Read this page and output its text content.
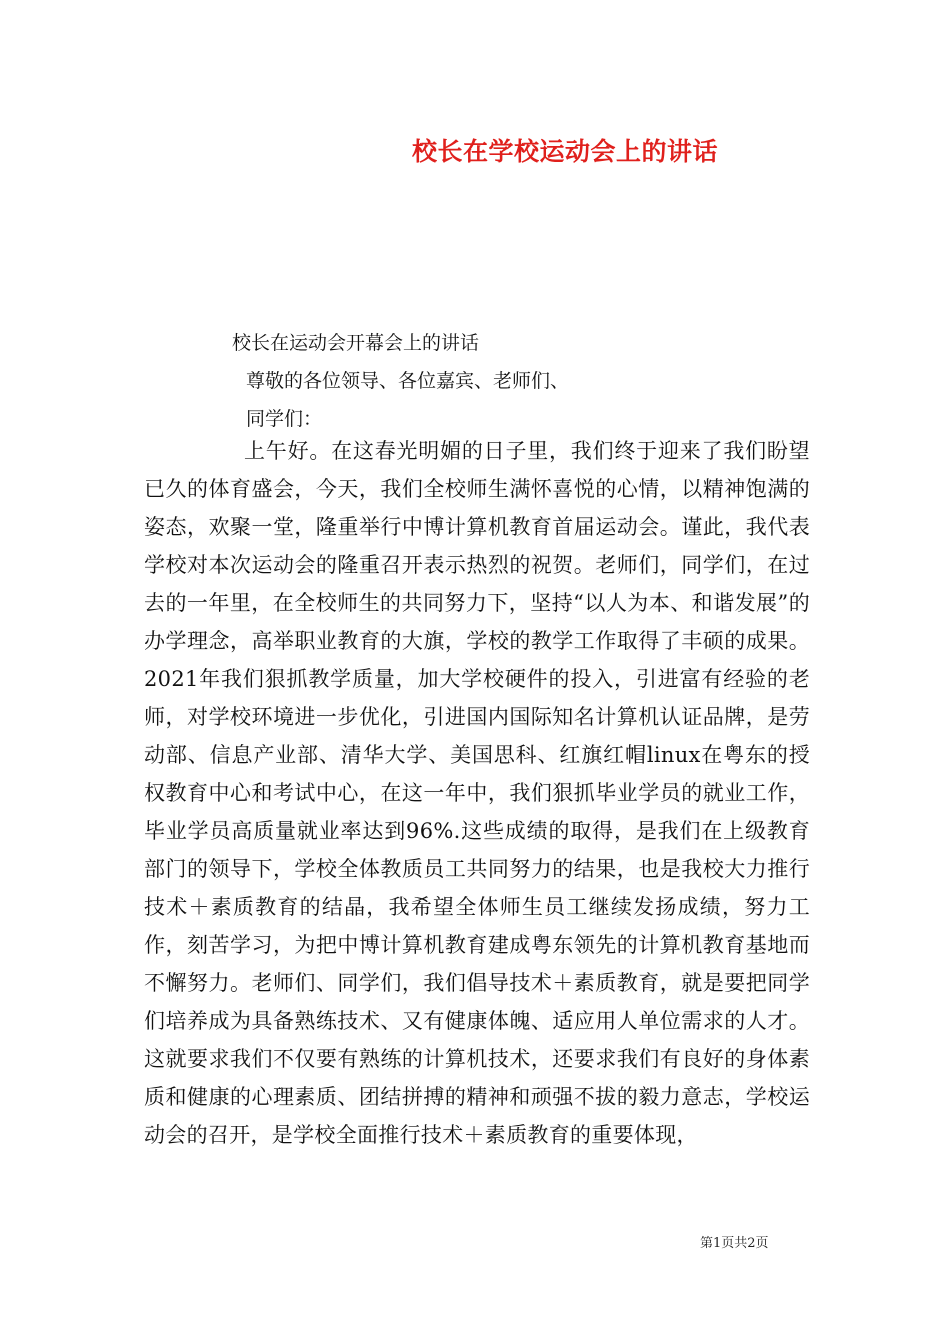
校长在学校运动会上的讲话
校长在运动会开幕会上的讲话
尊敬的各位领导、各位嘉宾、老师们、
同学们：

上午好。在这春光明媚的日子里，我们终于迎来了我们盼望已久的体育盛会，今天，我们全校师生满怀喜悦的心情，以精神饱满的姿态，欢聚一堂，隆重举行中博计算机教育首届运动会。谨此，我代表学校对本次运动会的隆重召开表示热烈的祝贺。老师们，同学们，在过去的一年里，在全校师生的共同努力下，坚持“以人为本、和谐发展”的办学理念，高举职业教育的大旗，学校的教学工作取得了丰硕的成果。2021年我们狠抓教学质量，加大学校硬件的投入，引进富有经验的老师，对学校环境进一步优化，引进国内国际知名计算机认证品牌，是劳动部、信息产业部、清华大学、美国思科、红旗红帽linux在粤东的授权教育中心和考试中心，在这一年中，我们狠抓毕业学员的就业工作，毕业学员高质量就业率达到96%.这些成绩的取得，是我们在上级教育部门的领导下，学校全体教质员工共同努力的结果，也是我校大力推行技术＋素质教育的结晶，我希望全体师生员工继续发扬成绩，努力工作，刻苦学习，为把中博计算机教育建成粤东领先的计算机教育基地而不懈努力。老师们、同学们，我们倡导技术＋素质教育，就是要把同学们培养成为具备熟练技术、又有健康体魄、适应用人单位需求的人才。这就要求我们不仅要有熟练的计算机技术，还要求我们有良好的身体素质和健康的心理素质、团结拼搏的精神和顽强不拔的毅力意志，学校运动会的召开，是学校全面推行技术＋素质教育的重要体现，

第1页共2页
